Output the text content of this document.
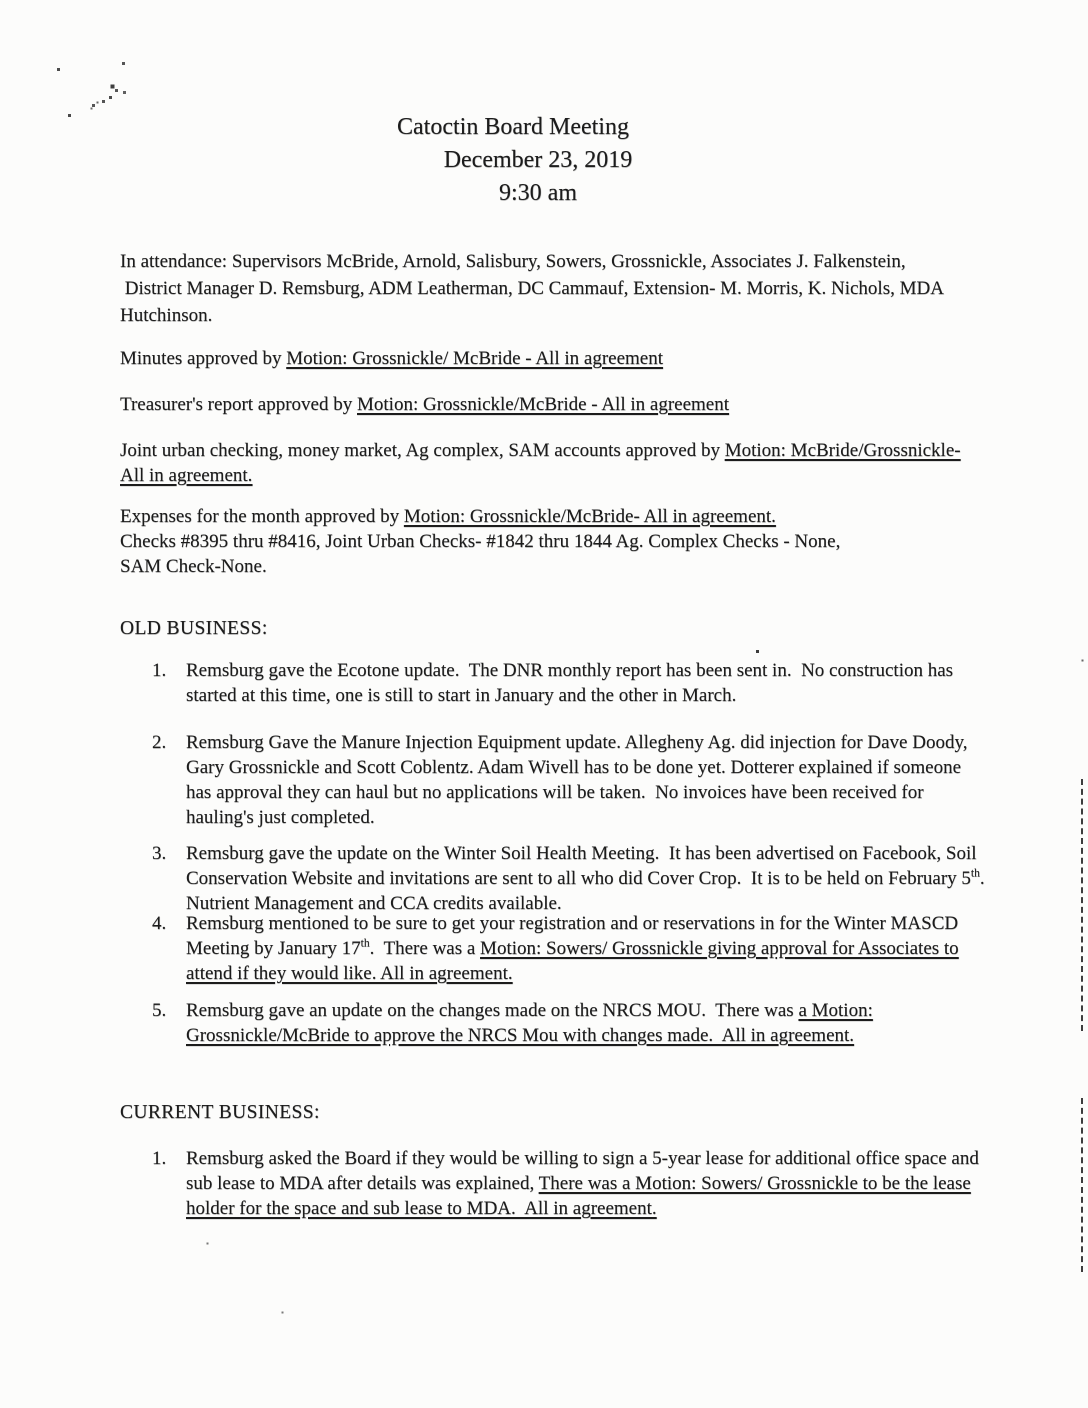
Catoctin Board Meeting
December 23, 2019
9:30 am
In attendance: Supervisors McBride, Arnold, Salisbury, Sowers, Grossnickle, Associates J. Falkenstein,
District Manager D. Remsburg, ADM Leatherman, DC Cammauf, Extension- M. Morris, K. Nichols, MDA
Hutchinson.
Minutes approved by Motion: Grossnickle/ McBride - All in agreement
Treasurer's report approved by Motion: Grossnickle/McBride - All in agreement
Joint urban checking, money market, Ag complex, SAM accounts approved by Motion: McBride/Grossnickle-
All in agreement.
Expenses for the month approved by Motion: Grossnickle/McBride- All in agreement.
Checks #8395 thru #8416, Joint Urban Checks- #1842 thru 1844 Ag. Complex Checks - None,
SAM Check-None.
OLD BUSINESS:
1.	Remsburg gave the Ecotone update.  The DNR monthly report has been sent in.  No construction has
started at this time, one is still to start in January and the other in March.
2.	Remsburg Gave the Manure Injection Equipment update. Allegheny Ag. did injection for Dave Doody,
Gary Grossnickle and Scott Coblentz. Adam Wivell has to be done yet. Dotterer explained if someone
has approval they can haul but no applications will be taken.  No invoices have been received for
hauling's just completed.
3.	Remsburg gave the update on the Winter Soil Health Meeting.  It has been advertised on Facebook, Soil
Conservation Website and invitations are sent to all who did Cover Crop.  It is to be held on February 5th.
Nutrient Management and CCA credits available.
4.	Remsburg mentioned to be sure to get your registration and or reservations in for the Winter MASCD
Meeting by January 17th.  There was a Motion: Sowers/ Grossnickle giving approval for Associates to
attend if they would like. All in agreement.
5.	Remsburg gave an update on the changes made on the NRCS MOU.  There was a Motion:
Grossnickle/McBride to approve the NRCS Mou with changes made.  All in agreement.
CURRENT BUSINESS:
1.	Remsburg asked the Board if they would be willing to sign a 5-year lease for additional office space and
sub lease to MDA after details was explained, There was a Motion: Sowers/ Grossnickle to be the lease
holder for the space and sub lease to MDA.  All in agreement.
